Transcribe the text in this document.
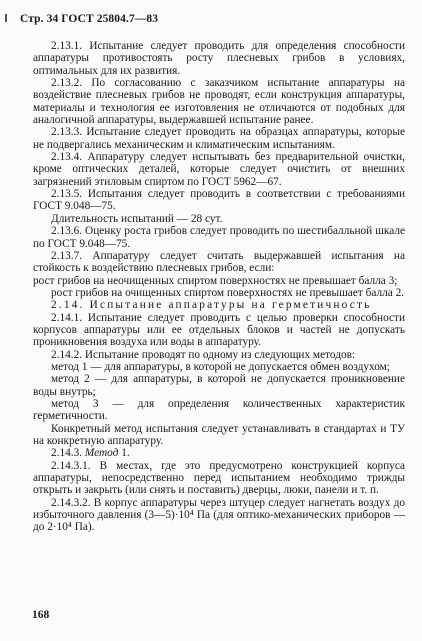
Стр. 34 ГОСТ 25804.7—83

2.13.1. Испытание следует проводить для определения способности аппаратуры противостоять росту плесневых грибов в условиях, оптимальных для их развития.

2.13.2. По согласованию с заказчиком испытание аппаратуры на воздействие плесневых грибов не проводят, если конструкция аппаратуры, материалы и технология ее изготовления не отличаются от подобных для аналогичной аппаратуры, выдержавшей испытание ранее.

2.13.3. Испытание следует проводить на образцах аппаратуры, которые не подвергались механическим и климатическим испытаниям.

2.13.4. Аппаратуру следует испытывать без предварительной очистки, кроме оптических деталей, которые следует очистить от внешних загрязнений этиловым спиртом по ГОСТ 5962—67.

2.13.5. Испытания следует проводить в соответствии с требованиями ГОСТ 9.048—75.

Длительность испытаний — 28 сут.

2.13.6. Оценку роста грибов следует проводить по шестибалльной шкале по ГОСТ 9.048—75.

2.13.7. Аппаратуру следует считать выдержавшей испытания на стойкость к воздействию плесневых грибов, если:

рост грибов на неочищенных спиртом поверхностях не превышает балла 3;

рост грибов на очищенных спиртом поверхностях не превышает балла 2.

2.14. Испытание аппаратуры на герметичность

2.14.1. Испытание следует проводить с целью проверки способности корпусов аппаратуры или ее отдельных блоков и частей не допускать проникновения воздуха или воды в аппаратуру.

2.14.2. Испытание проводят по одному из следующих методов:

метод 1 — для аппаратуры, в которой не допускается обмен воздухом;

метод 2 — для аппаратуры, в которой не допускается проникновение воды внутрь;

метод 3 — для определения количественных характеристик герметичности.

Конкретный метод испытания следует устанавливать в стандартах и ТУ на конкретную аппаратуру.

2.14.3. Метод 1.

2.14.3.1. В местах, где это предусмотрено конструкцией корпуса аппаратуры, непосредственно перед испытанием необходимо трижды открыть и закрыть (или снять и поставить) дверцы, люки, панели и т. п.

2.14.3.2. В корпус аппаратуры через штуцер следует нагнетать воздух до избыточного давления (3—5)·10⁴ Па (для оптико-механических приборов — до 2·10⁴ Па).

168
